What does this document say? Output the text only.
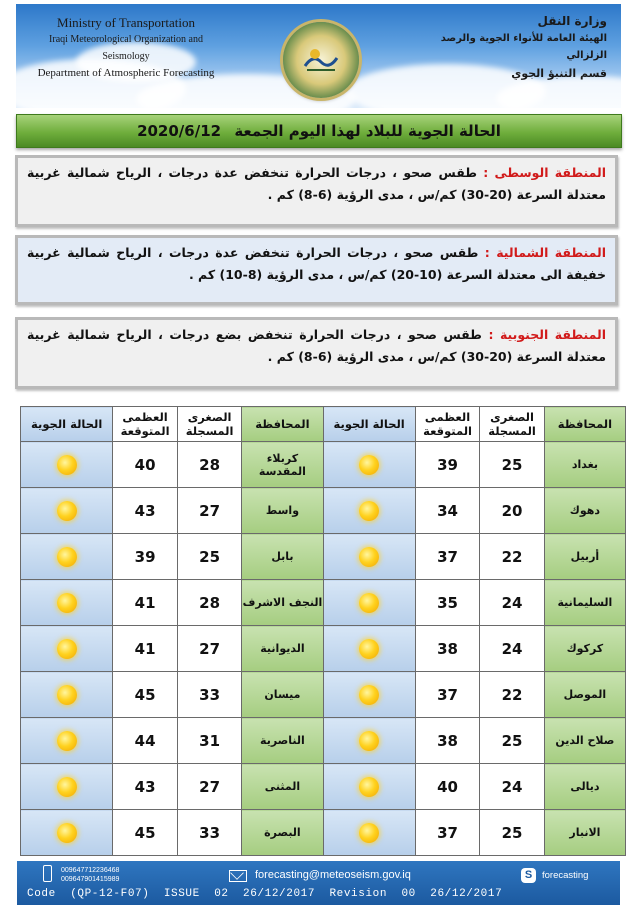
Ministry of Transportation
Iraqi Meteorological Organization and Seismology
Department of Atmospheric Forecasting
وزارة النقل
الهيئة العامة للأنواء الجوية والرصد الزلزالي
قسم التنبؤ الجوي
الحالة الجوية للبلاد لهذا اليوم الجمعة 2020/6/12
المنطقة الوسطى : طقس صحو ، درجات الحرارة تنخفض عدة درجات ، الرياح شمالية غربية معتدلة السرعة (20-30) كم/س ، مدى الرؤية (6-8) كم .
المنطقة الشمالية : طقس صحو ، درجات الحرارة تنخفض عدة درجات ، الرياح شمالية غربية خفيفة الى معتدلة السرعة (10-20) كم/س ، مدى الرؤية (8-10) كم .
المنطقة الجنوبية : طقس صحو ، درجات الحرارة تنخفض بضع درجات ، الرياح شمالية غربية معتدلة السرعة (20-30) كم/س ، مدى الرؤية (6-8) كم .
المحافظة	الصغرى المسجلة	العظمى المتوقعة	الحالة الجوية	المحافظة	الصغرى المسجلة	العظمى المتوقعة	الحالة الجوية
بغداد	25	39		كربلاء المقدسة	28	40	
دهوك	20	34		واسط	27	43	
أربيل	22	37		بابل	25	39	
السليمانية	24	35		النجف الاشرف	28	41	
كركوك	24	38		الديوانية	27	41	
الموصل	22	37		ميسان	33	45	
صلاح الدين	25	38		الناصرية	31	44	
ديالى	24	40		المثنى	27	43	
الانبار	25	37		البصرة	33	45	
009647712236468
009647901415989	forecasting@meteoseism.gov.iq	S	forecasting
Code  (QP-12-F07)  ISSUE  02  26/12/2017  Revision  00  26/12/2017
